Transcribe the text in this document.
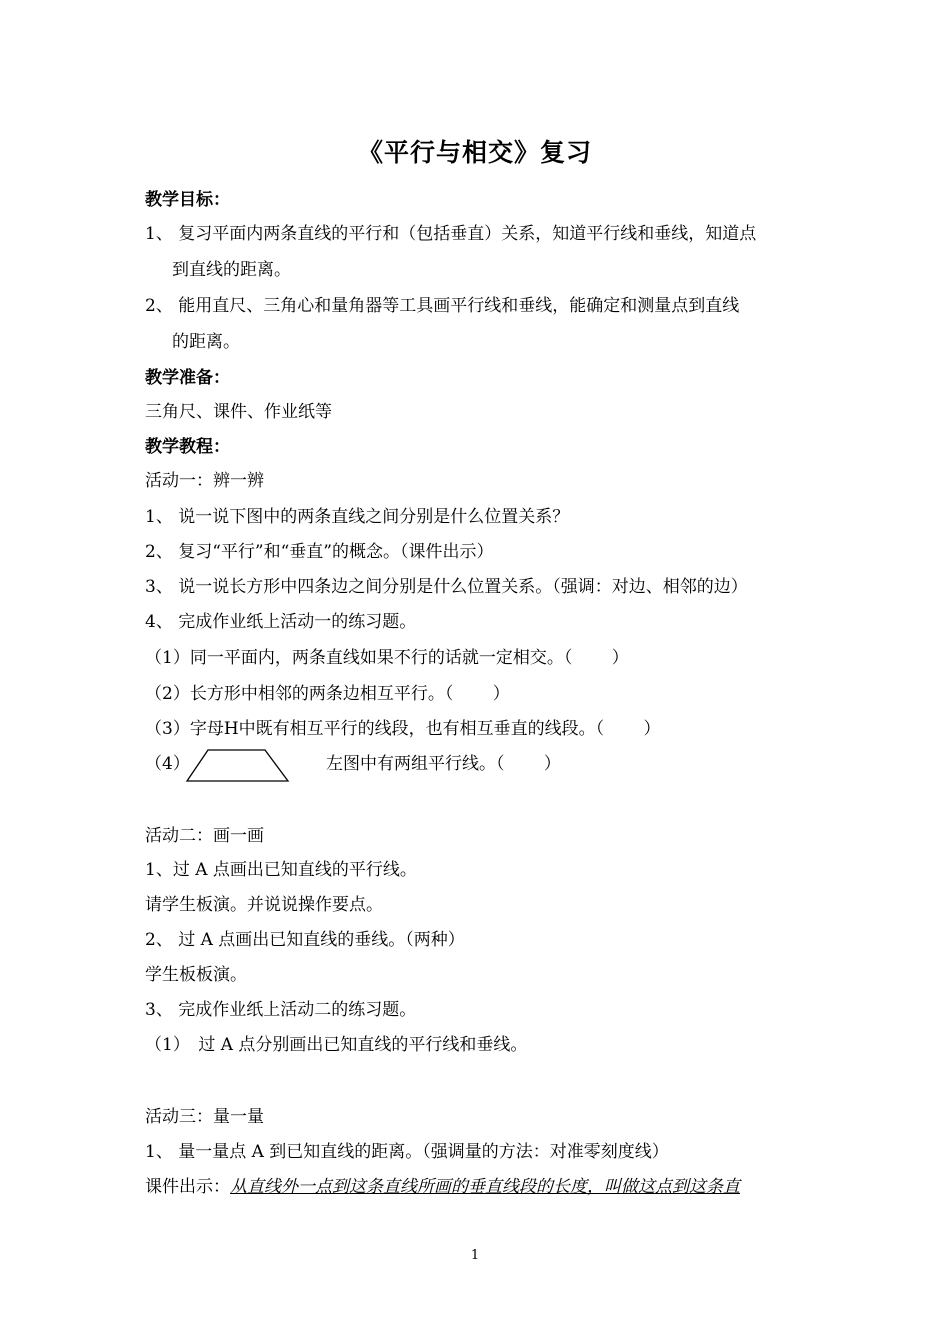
《平行与相交》复习
教学目标：
1、 复习平面内两条直线的平行和（包括垂直）关系，知道平行线和垂线，知道点
到直线的距离。
2、 能用直尺、三角心和量角器等工具画平行线和垂线，能确定和测量点到直线
的距离。
教学准备：
三角尺、课件、作业纸等
教学教程：
活动一：辨一辨
1、 说一说下图中的两条直线之间分别是什么位置关系？
2、 复习“平行”和“垂直”的概念。（课件出示）
3、 说一说长方形中四条边之间分别是什么位置关系。（强调：对边、相邻的边）
4、 完成作业纸上活动一的练习题。
（1）同一平面内，两条直线如果不行的话就一定相交。（　　 ）
（2）长方形中相邻的两条边相互平行。（　　 ）
（3）字母H中既有相互平行的线段，也有相互垂直的线段。（　　 ）
（4）	左图中有两组平行线。（　　 ）
活动二：画一画
1、过 A 点画出已知直线的平行线。
请学生板演。并说说操作要点。
2、 过 A 点画出已知直线的垂线。（两种）
学生板板演。
3、 完成作业纸上活动二的练习题。
（1）　过 A 点分别画出已知直线的平行线和垂线。
活动三：量一量
1、 量一量点 A 到已知直线的距离。（强调量的方法：对准零刻度线）
课件出示：从直线外一点到这条直线所画的垂直线段的长度，叫做这点到这条直
1
